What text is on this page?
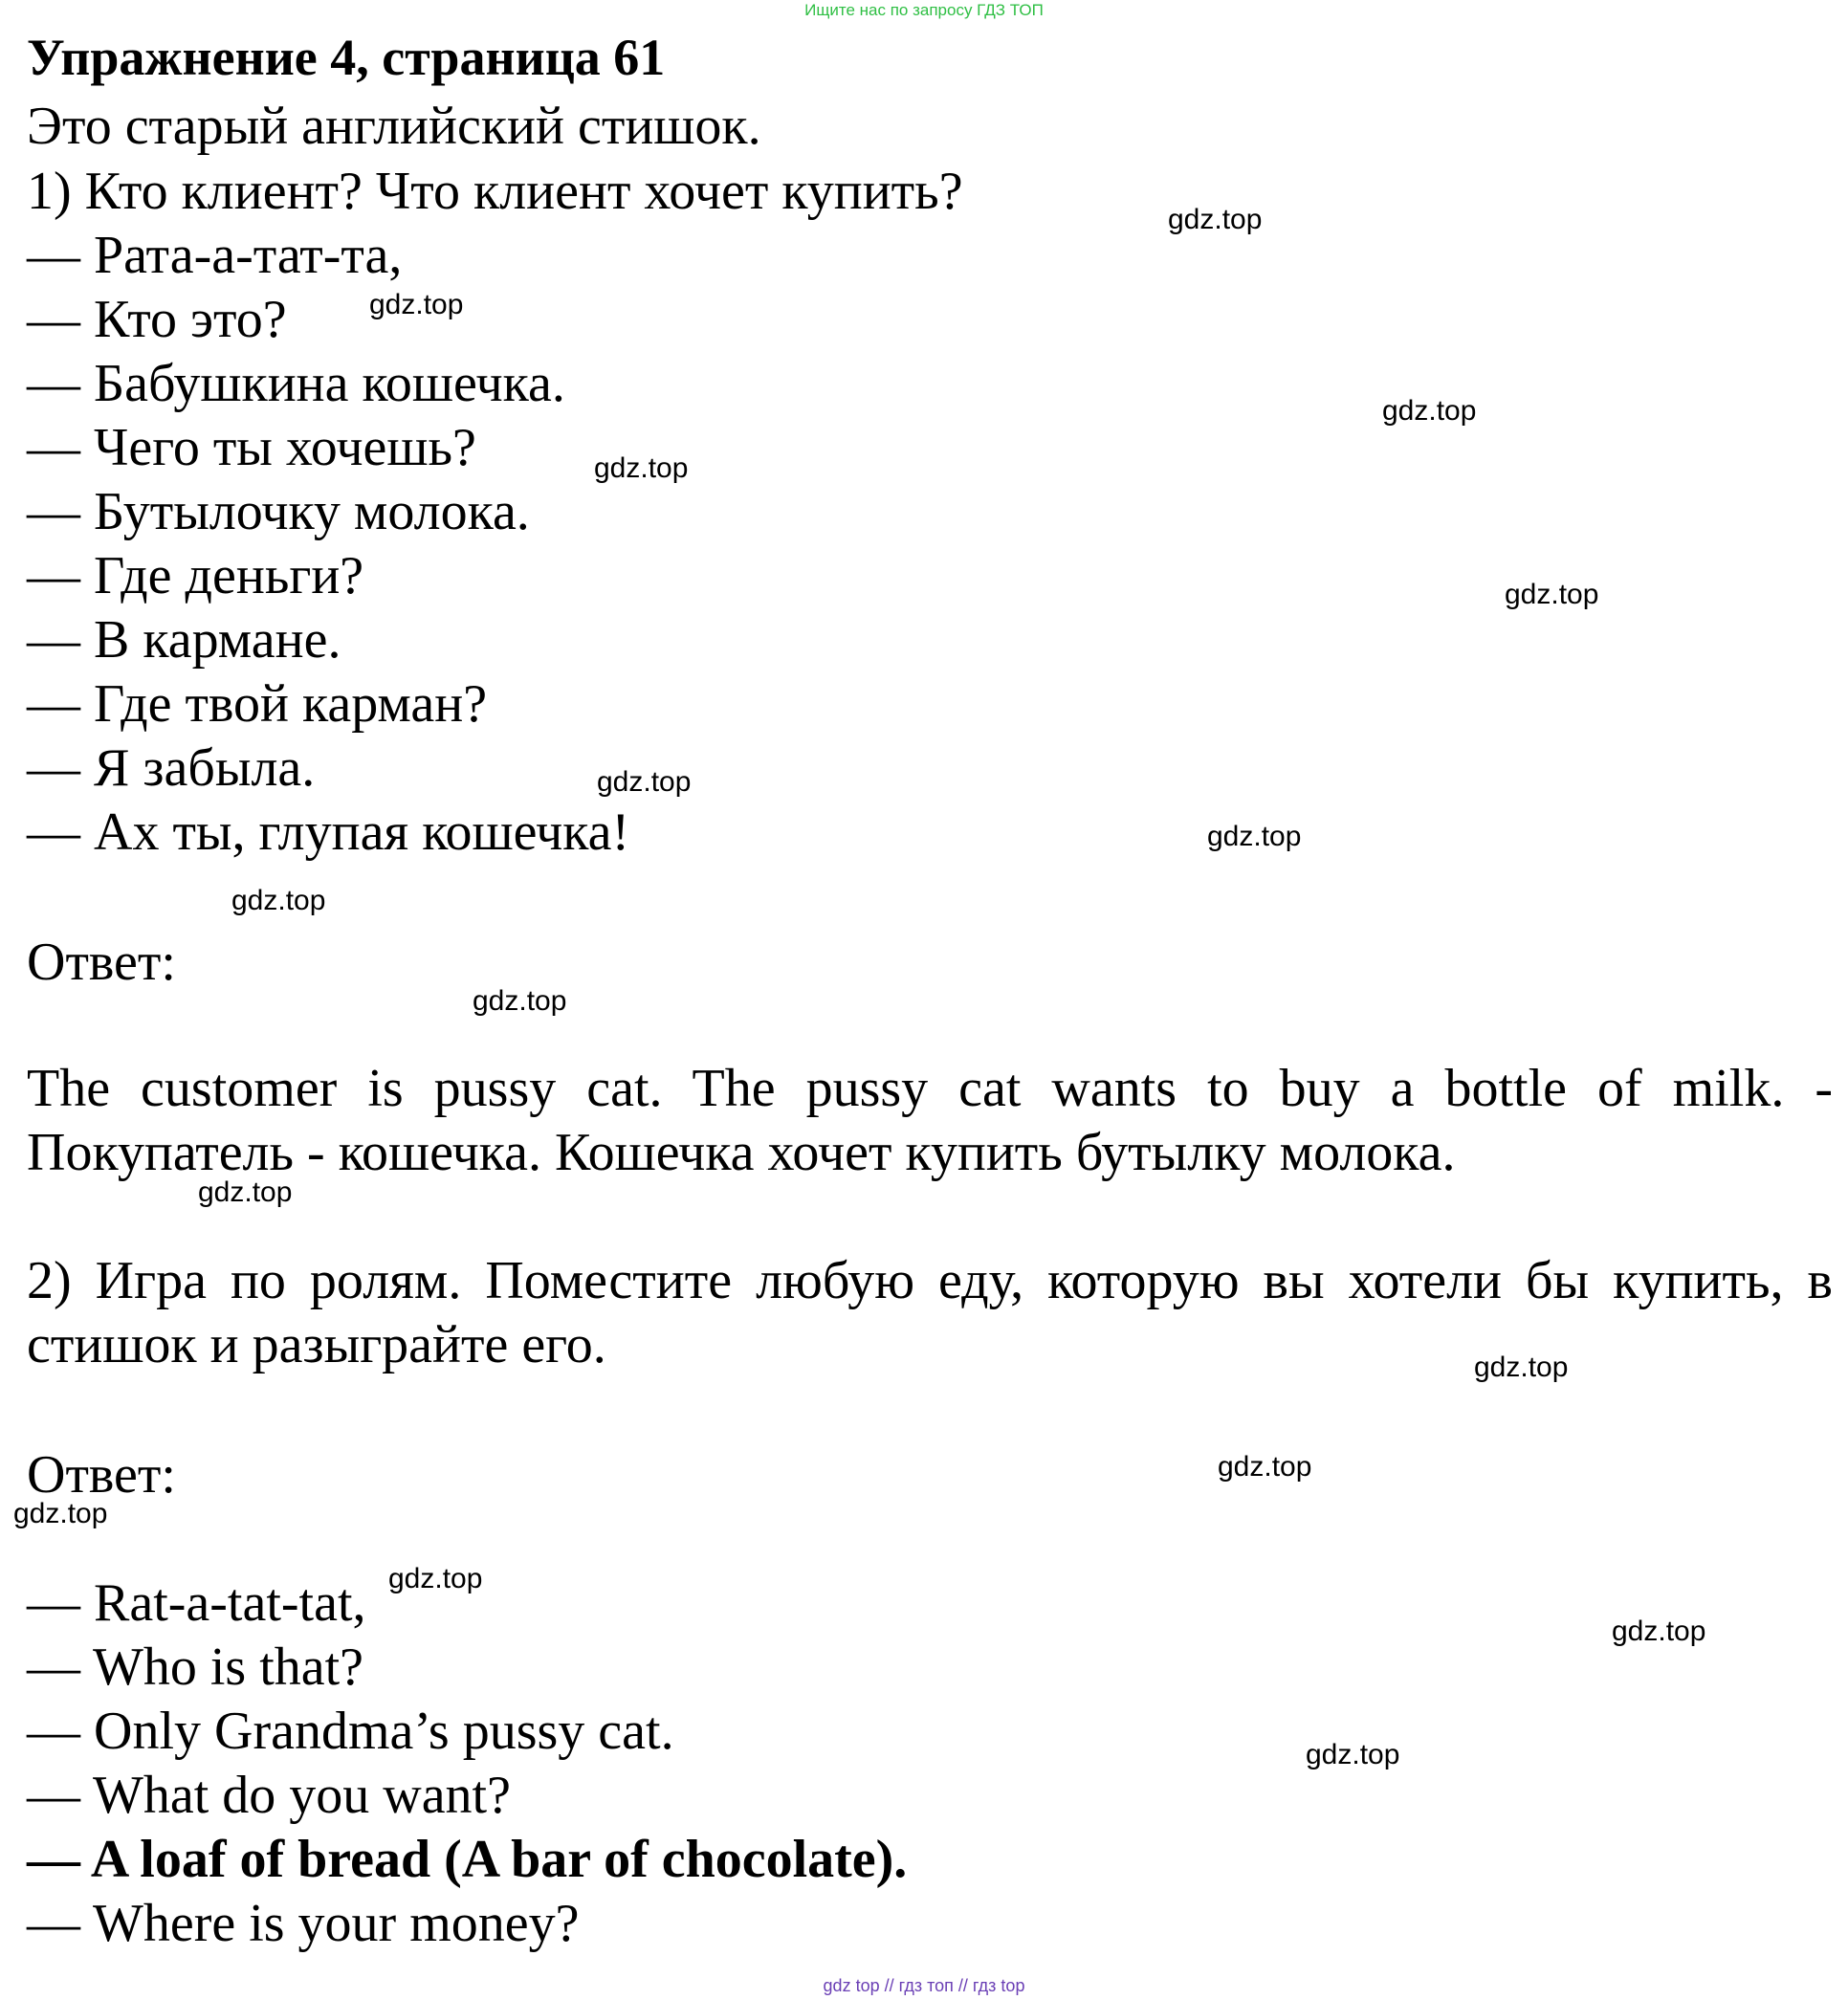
Ищите нас по запросу ГДЗ ТОП
Упражнение 4, страница 61
Это старый английский стишок.
1) Кто клиент? Что клиент хочет купить?
— Рата-а-тат-та,
— Кто это?
— Бабушкина кошечка.
— Чего ты хочешь?
— Бутылочку молока.
— Где деньги?
— В кармане.
— Где твой карман?
— Я забыла.
— Ах ты, глупая кошечка!
Ответ:
The customer is pussy cat. The pussy cat wants to buy a bottle of milk. - Покупатель - кошечка. Кошечка хочет купить бутылку молока.
2) Игра по ролям. Поместите любую еду, которую вы хотели бы купить, в стишок и разыграйте его.
Ответ:
— Rat-a-tat-tat,
— Who is that?
— Only Grandma’s pussy cat.
— What do you want?
— A loaf of bread (A bar of chocolate).
— Where is your money?
gdz.top
gdz.top
gdz.top
gdz.top
gdz.top
gdz.top
gdz.top
gdz.top
gdz.top
gdz.top
gdz.top
gdz.top
gdz.top
gdz.top
gdz.top
gdz.top
gdz top // гдз топ // гдз top
